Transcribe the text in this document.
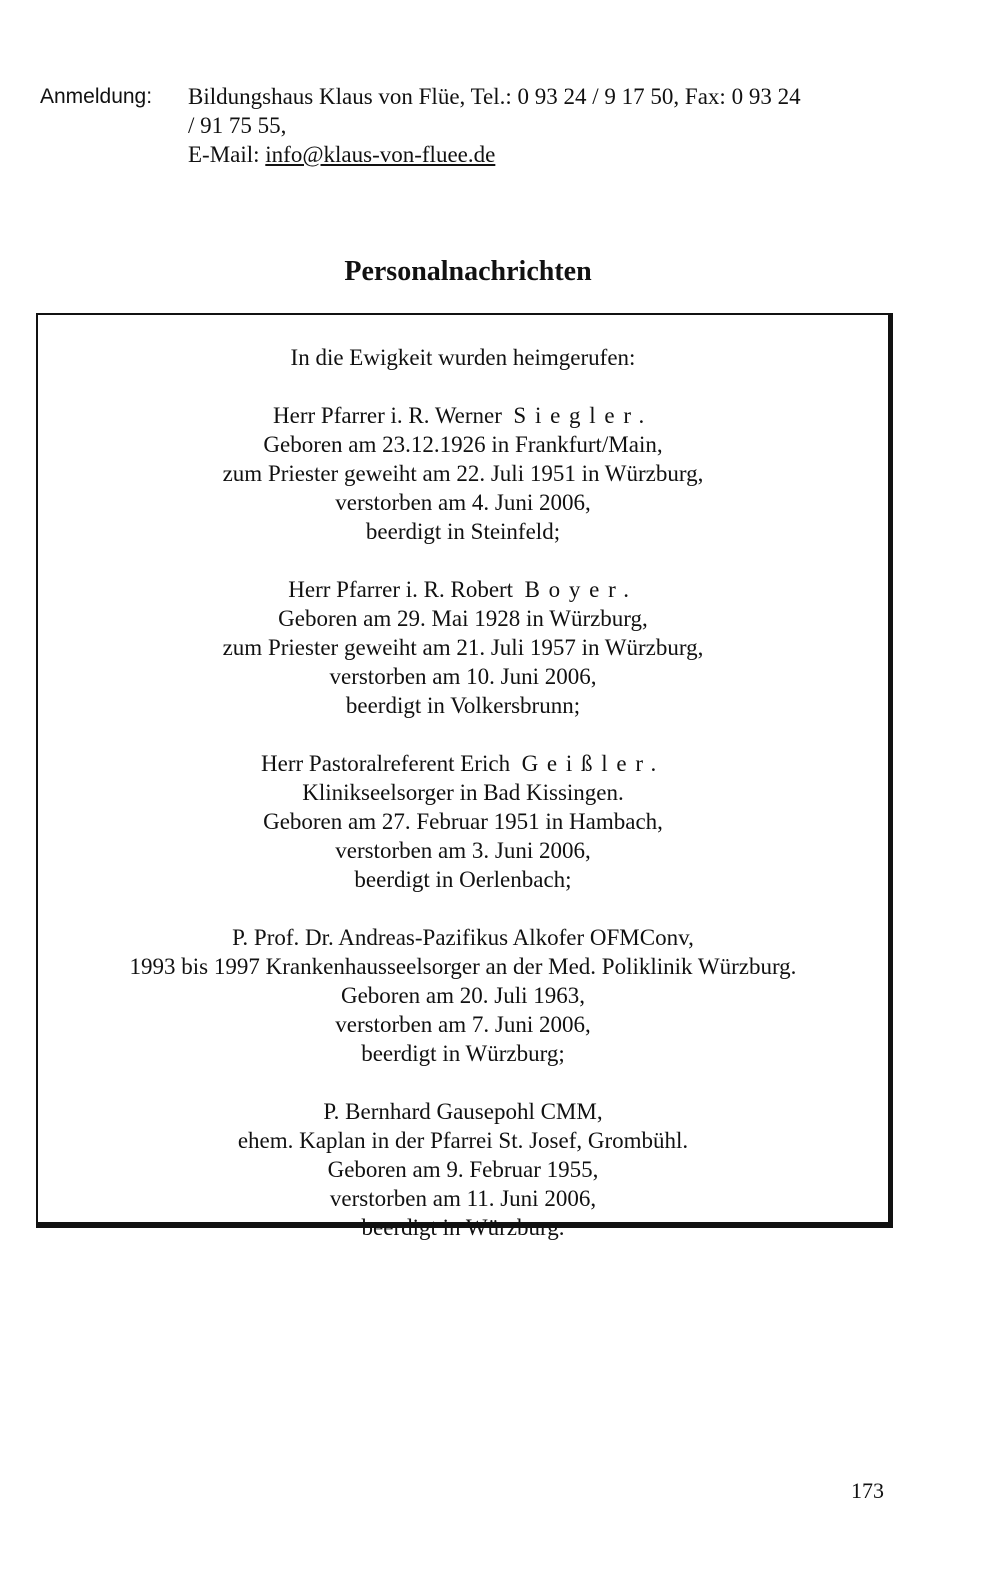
Anmeldung:	Bildungshaus Klaus von Flüe, Tel.: 0 93 24 / 9 17 50, Fax: 0 93 24
/ 91 75 55,
E-Mail: info@klaus-von-fluee.de
Personalnachrichten
In die Ewigkeit wurden heimgerufen:
Herr Pfarrer i. R. Werner Siegler.
Geboren am 23.12.1926 in Frankfurt/Main,
zum Priester geweiht am 22. Juli 1951 in Würzburg,
verstorben am 4. Juni 2006,
beerdigt in Steinfeld;
Herr Pfarrer i. R. Robert Boyer.
Geboren am 29. Mai 1928 in Würzburg,
zum Priester geweiht am 21. Juli 1957 in Würzburg,
verstorben am 10. Juni 2006,
beerdigt in Volkersbrunn;
Herr Pastoralreferent Erich Geißler.
Klinikseelsorger in Bad Kissingen.
Geboren am 27. Februar 1951 in Hambach,
verstorben am 3. Juni 2006,
beerdigt in Oerlenbach;
P. Prof. Dr. Andreas-Pazifikus Alkofer OFMConv,
1993 bis 1997 Krankenhausseelsorger an der Med. Poliklinik Würzburg.
Geboren am 20. Juli 1963,
verstorben am 7. Juni 2006,
beerdigt in Würzburg;
P. Bernhard Gausepohl CMM,
ehem. Kaplan in der Pfarrei St. Josef, Grombühl.
Geboren am 9. Februar 1955,
verstorben am 11. Juni 2006,
beerdigt in Würzburg.
173
